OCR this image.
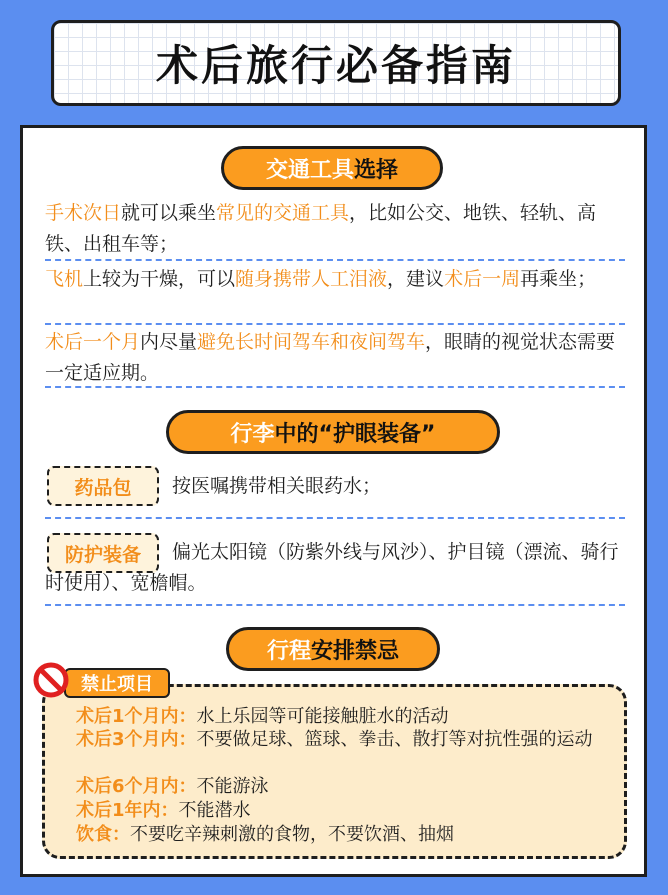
术后旅行必备指南
交通工具 选择

手术次日就可以乘坐常见的交通工具，比如公交、地铁、轻轨、高铁、出租车等；

飞机上较为干燥，可以随身携带人工泪液，建议术后一周再乘坐；

术后一个月内尽量避免长时间驾车和夜间驾车，眼睛的视觉状态需要一定适应期。

行李 中的“护眼装备”
药品包	按医嘱携带相关眼药水；

防护装备	偏光太阳镜（防紫外线与风沙）、护目镜（漂流、骑行时使用）、宽檐帽。

行程 安排禁忌
禁止项目

术后1个月内：水上乐园等可能接触脏水的活动

术后3个月内：不要做足球、篮球、拳击、散打等对抗性强的运动

术后6个月内：不能游泳

术后1年内：不能潜水

饮食：不要吃辛辣刺激的食物，不要饮酒、抽烟
